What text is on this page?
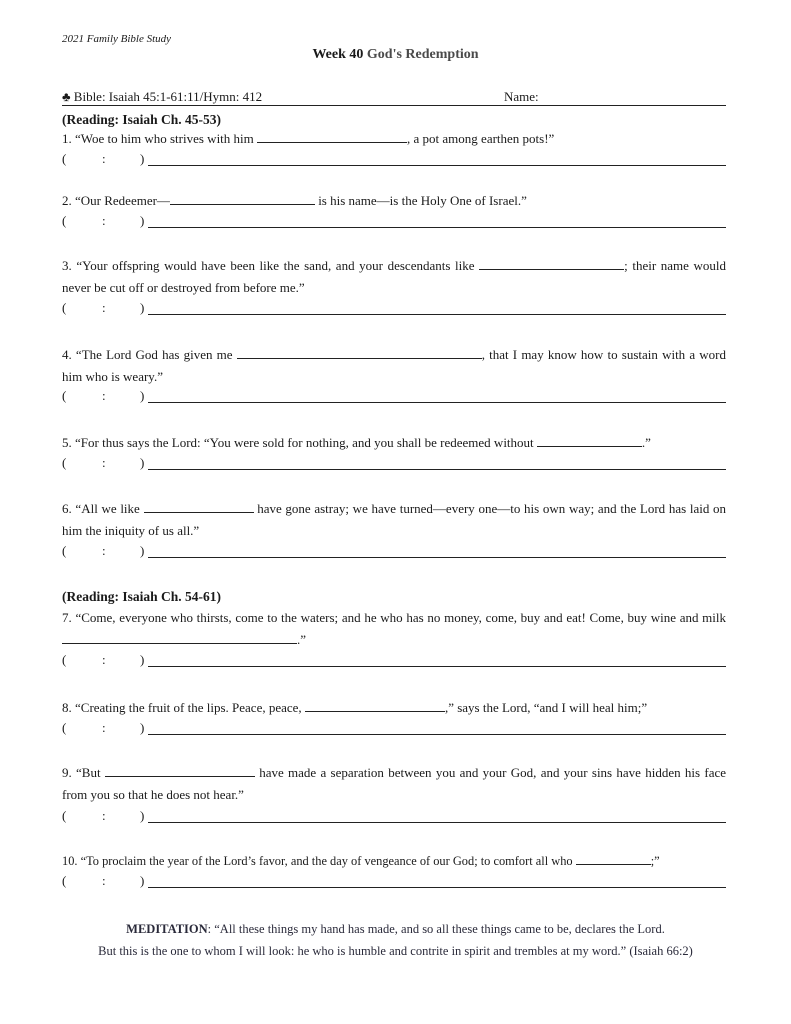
2021 Family Bible Study
Week 40 God's Redemption
♣ Bible: Isaiah 45:1-61:11/Hymn: 412	Name:
(Reading: Isaiah Ch. 45-53)

1. “Woe to him who strives with him	, a pot among earthen pots!”

(	:	)

2. “Our Redeemer—	is his name—is the Holy One of Israel.”

(	:	)

3. “Your offspring would have been like the sand, and your descendants like	; their name would never be cut off or destroyed from before me.”

(	:	)

4. “The Lord God has given me	, that I may know how to sustain with a word him who is weary.”

(	:	)

5. “For thus says the Lord: “You were sold for nothing, and you shall be redeemed without	.”

(	:	)

6. “All we like	have gone astray; we have turned—every one—to his own way; and the Lord has laid on him the iniquity of us all.”

(	:	)
(Reading: Isaiah Ch. 54-61)

7. “Come, everyone who thirsts, come to the waters; and he who has no money, come, buy and eat! Come, buy wine and milk .”

(	:	)

8. “Creating the fruit of the lips. Peace, peace,	,” says the Lord, “and I will heal him;”

(	:	)

9. “But	have made a separation between you and your God, and your sins have hidden his face from you so that he does not hear.”

(	:	)

10. “To proclaim the year of the Lord’s favor, and the day of vengeance of our God; to comfort all who	;”

(	:	)
MEDITATION: “All these things my hand has made, and so all these things came to be, declares the Lord.
But this is the one to whom I will look: he who is humble and contrite in spirit and trembles at my word.” (Isaiah 66:2)
